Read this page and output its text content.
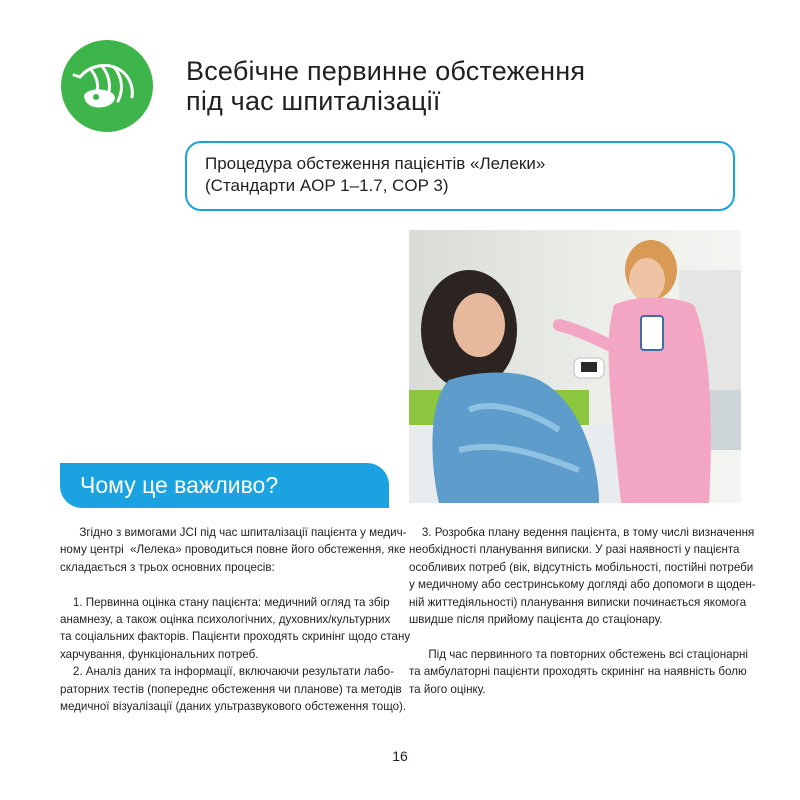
Всебічне первинне обстеження
під час шпиталізації
Процедура обстеження пацієнтів «Лелеки»
(Стандарти AOP 1–1.7, COP 3)
Чому це важливо?
Згідно з вимогами JCI під час шпиталізації пацієнта у медич-
ному центрі  «Лелека» проводиться повне його обстеження, яке
складається з трьох основних процесів:
1. Первинна оцінка стану пацієнта: медичний огляд та збір
анамнезу, а також оцінка психологічних, духовних/культурних
та соціальних факторів. Пацієнти проходять скринінг щодо стану
харчування, функціональних потреб.
2. Аналіз даних та інформації, включаючи результати лабо-
раторних тестів (попереднє обстеження чи планове) та методів
медичної візуалізації (даних ультразвукового обстеження тощо).
3. Розробка плану ведення пацієнта, в тому числі визначення
необхідності планування виписки. У разі наявності у пацієнта
особливих потреб (вік, відсутність мобільності, постійні потреби
у медичному або сестринському догляді або допомоги в щоден-
ній життедіяльності) планування виписки починається якомога
швидше після прийому пацієнта до стаціонару.
Під час первинного та повторних обстежень всі стаціонарні
та амбулаторні пацієнти проходять скринінг на наявність болю
та його оцінку.
16
